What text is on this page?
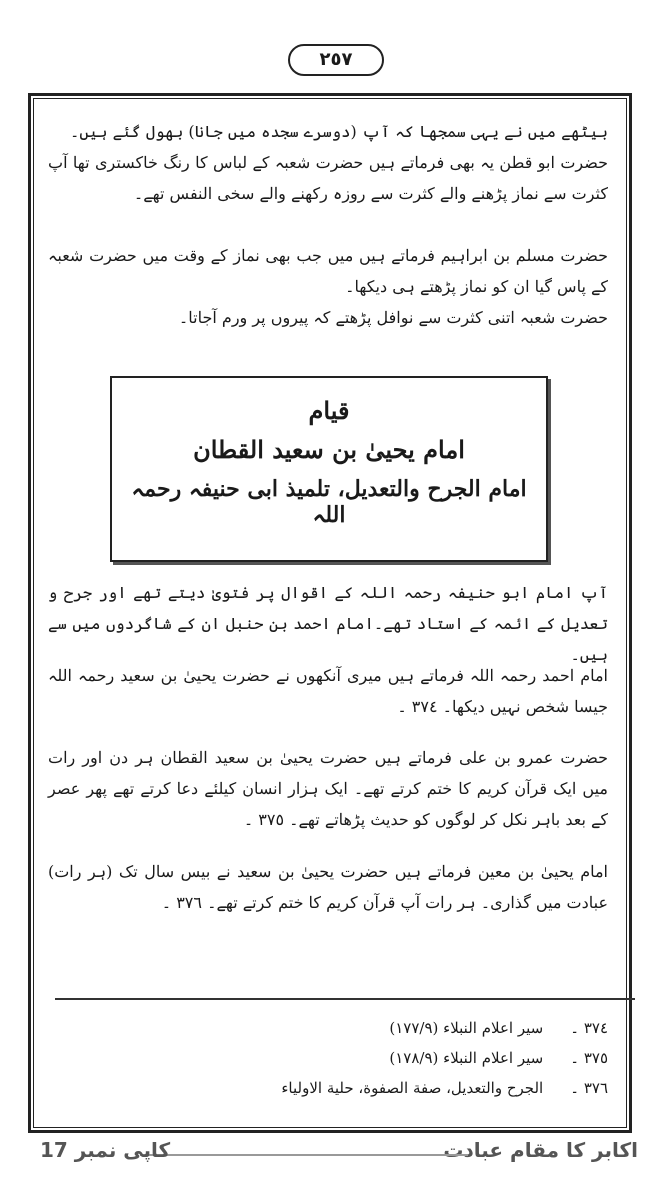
٢٥٧
بیٹھے میں نے یہی سمجھا کہ آپ (دوسرے سجدہ میں جانا) بھول گئے ہیں۔
حضرت ابو قطن یہ بھی فرماتے ہیں حضرت شعبہ کے لباس کا رنگ خاکستری تھا آپ کثرت سے نماز پڑھنے والے کثرت سے روزہ رکھنے والے سخی النفس تھے۔
حضرت مسلم بن ابراہیم فرماتے ہیں میں جب بھی نماز کے وقت میں حضرت شعبہ کے پاس گیا ان کو نماز پڑھتے ہی دیکھا۔
حضرت شعبہ اتنی کثرت سے نوافل پڑھتے کہ پیروں پر ورم آجاتا۔
قیام
امام یحییٰ بن سعید القطان
امام الجرح والتعدیل، تلمیذ ابی حنیفہ رحمہ اللہ
آپ امام ابو حنیفہ رحمہ اللہ کے اقوال پر فتویٰ دیتے تھے اور جرح و تعدیل کے ائمہ کے استاد تھے۔امام احمد بن حنبل ان کے شاگردوں میں سے ہیں۔
امام احمد رحمہ اللہ فرماتے ہیں میری آنکھوں نے حضرت یحییٰ بن سعید رحمہ اللہ جیسا شخص نہیں دیکھا۔ ٣٧٤ ۔
حضرت عمرو بن علی فرماتے ہیں حضرت یحییٰ بن سعید القطان ہر دن اور رات میں ایک قرآن کریم کا ختم کرتے تھے۔ ایک ہزار انسان کیلئے دعا کرتے تھے پھر عصر کے بعد باہر نکل کر لوگوں کو حدیث پڑھاتے تھے۔ ٣٧٥ ۔
امام یحییٰ بن معین فرماتے ہیں حضرت یحییٰ بن سعید نے بیس سال تک (ہر رات) عبادت میں گذاری۔ ہر رات آپ قرآن کریم کا ختم کرتے تھے۔ ٣٧٦ ۔
٣٧٤ ۔ سیر اعلام النبلاء (١٧٧/٩)
٣٧٥ ۔ سیر اعلام النبلاء (١٧٨/٩)
٣٧٦ ۔ الجرح والتعدیل، صفة الصفوة، حلیة الاولیاء
اکابر کا مقام عبادت
کاپی نمبر 17
